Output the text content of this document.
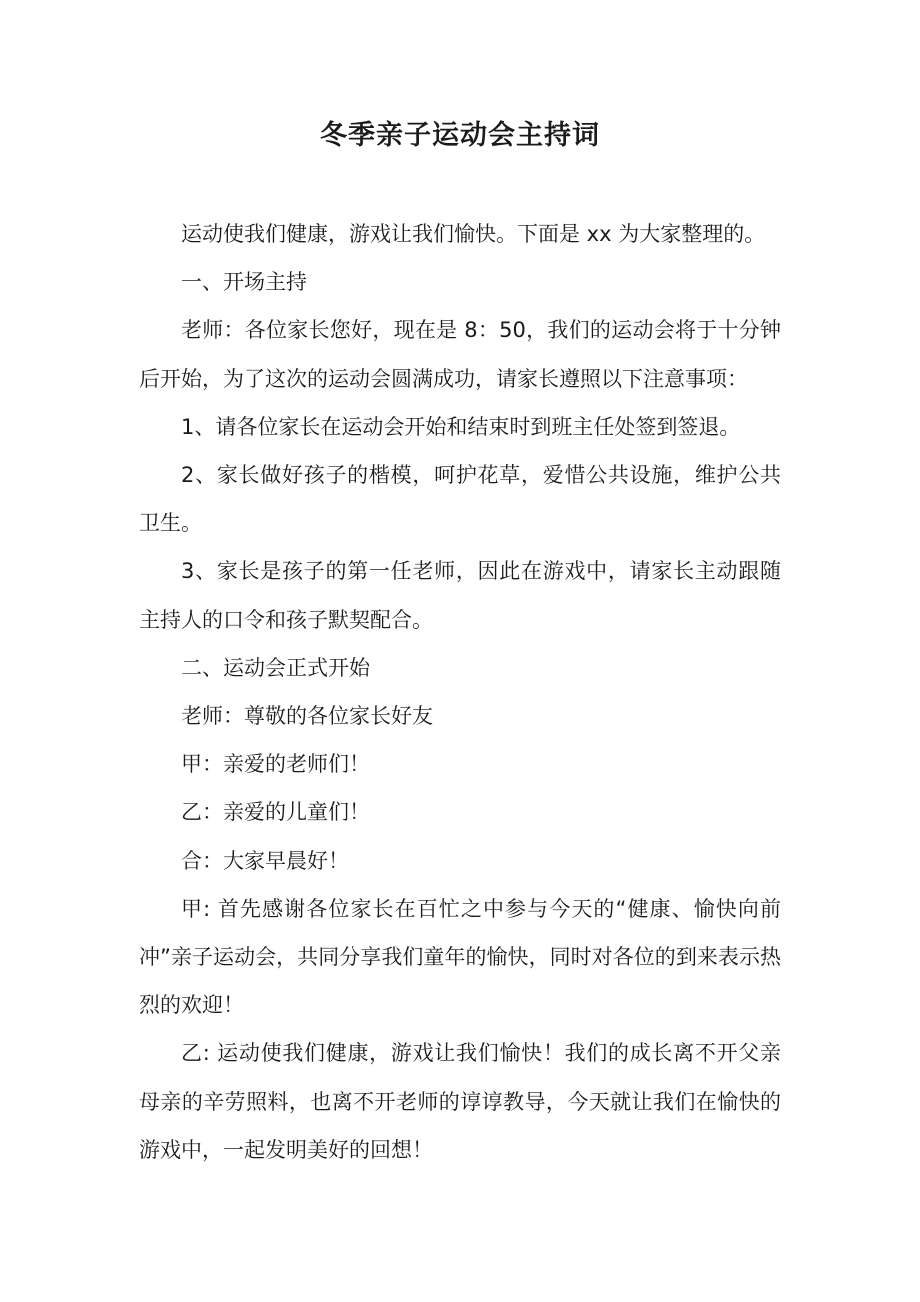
冬季亲子运动会主持词

运动使我们健康，游戏让我们愉快。下面是 xx 为大家整理的。

一、开场主持

老师：各位家长您好，现在是 8：50，我们的运动会将于十分钟后开始，为了这次的运动会圆满成功，请家长遵照以下注意事项：

1、请各位家长在运动会开始和结束时到班主任处签到签退。

2、家长做好孩子的楷模，呵护花草，爱惜公共设施，维护公共卫生。

3、家长是孩子的第一任老师，因此在游戏中，请家长主动跟随主持人的口令和孩子默契配合。

二、运动会正式开始

老师：尊敬的各位家长好友

甲：亲爱的老师们！

乙：亲爱的儿童们！

合：大家早晨好！

甲: 首先感谢各位家长在百忙之中参与今天的“健康、愉快向前冲”亲子运动会，共同分享我们童年的愉快，同时对各位的到来表示热烈的欢迎！

乙: 运动使我们健康，游戏让我们愉快！我们的成长离不开父亲母亲的辛劳照料，也离不开老师的谆谆教导，今天就让我们在愉快的游戏中，一起发明美好的回想！
